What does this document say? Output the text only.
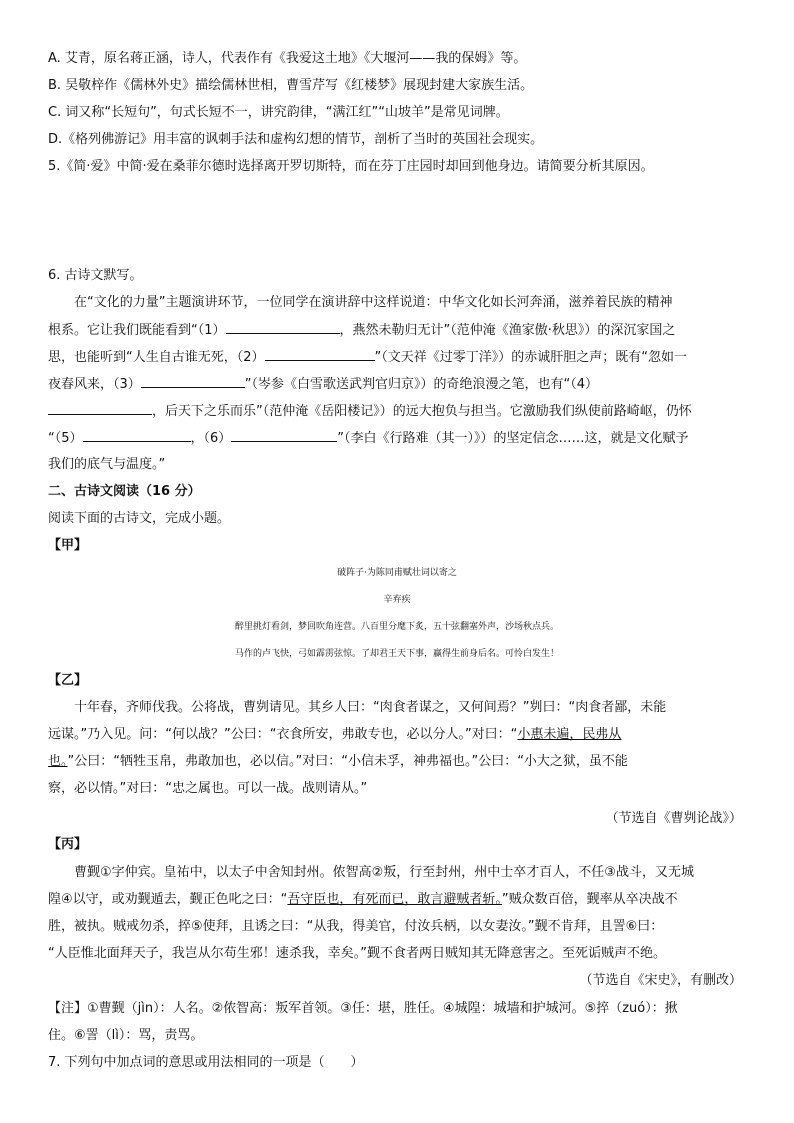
A. 艾青，原名蒋正涵，诗人，代表作有《我爱这土地》《大堰河——我的保姆》等。
B. 吴敬梓作《儒林外史》描绘儒林世相，曹雪芹写《红楼梦》展现封建大家族生活。
C. 词又称“长短句”，句式长短不一，讲究韵律，“满江红”“山坡羊”是常见词牌。
D.《格列佛游记》用丰富的讽刺手法和虚构幻想的情节，剖析了当时的英国社会现实。
5.《简·爱》中简·爱在桑菲尔德时选择离开罗切斯特，而在芬丁庄园时却回到他身边。请简要分析其原因。
6. 古诗文默写。
在“文化的力量”主题演讲环节，一位同学在演讲辞中这样说道：中华文化如长河奔涌，滋养着民族的精神
根系。它让我们既能看到“（1）	，燕然未勒归无计”（范仲淹《渔家傲·秋思》）的深沉家国之
思，也能听到“人生自古谁无死，（2）	”（文天祥《过零丁洋》）的赤诚肝胆之声；既有“忽如一
夜春风来，（3）	”（岑参《白雪歌送武判官归京》）的奇绝浪漫之笔，也有“（4）
，后天下之乐而乐”（范仲淹《岳阳楼记》）的远大抱负与担当。它激励我们纵使前路崎岖，仍怀
“（5）	，（6）	”（李白《行路难（其一）》）的坚定信念……这，就是文化赋予
我们的底气与温度。”
二、古诗文阅读（16 分）
阅读下面的古诗文，完成小题。
【甲】
破阵子·为陈同甫赋壮词以寄之
辛弃疾
醉里挑灯看剑，梦回吹角连营。八百里分麾下炙，五十弦翻塞外声，沙场秋点兵。
马作的卢飞快，弓如霹雳弦惊。了却君王天下事，赢得生前身后名。可怜白发生！
【乙】
十年春，齐师伐我。公将战，曹刿请见。其乡人曰：“肉食者谋之，又何间焉？”刿曰：“肉食者鄙，未能
远谋。”乃入见。问：“何以战？”公曰：“衣食所安，弗敢专也，必以分人。”对曰：“小惠未遍，民弗从
也。”公曰：“牺牲玉帛，弗敢加也，必以信。”对曰：“小信未孚，神弗福也。”公曰：“小大之狱，虽不能
察，必以情。”对曰：“忠之属也。可以一战。战则请从。”
（节选自《曹刿论战》）
【丙】
曹觐①字仲宾。皇祐中，以太子中舍知封州。侬智高②叛，行至封州，州中士卒才百人，不任③战斗，又无城
隍④以守，或劝觐遁去，觐正色叱之曰：“吾守臣也，有死而已，敢言避贼者斩。”贼众数百倍，觐率从卒决战不
胜，被执。贼戒勿杀，捽⑤使拜，且诱之曰：“从我，得美官，付汝兵柄，以女妻汝。”觐不肯拜，且詈⑥曰：
“人臣惟北面拜天子，我岂从尔苟生邪！速杀我，幸矣。”觐不食者两日贼知其无降意害之。至死诟贼声不绝。
（节选自《宋史》，有删改）
【注】①曹觐（jìn）：人名。②侬智高：叛军首领。③任：堪，胜任。④城隍：城墙和护城河。⑤捽（zuó）：揪
住。⑥詈（lì）：骂，责骂。
7. 下列句中加点词的意思或用法相同的一项是（　　）
